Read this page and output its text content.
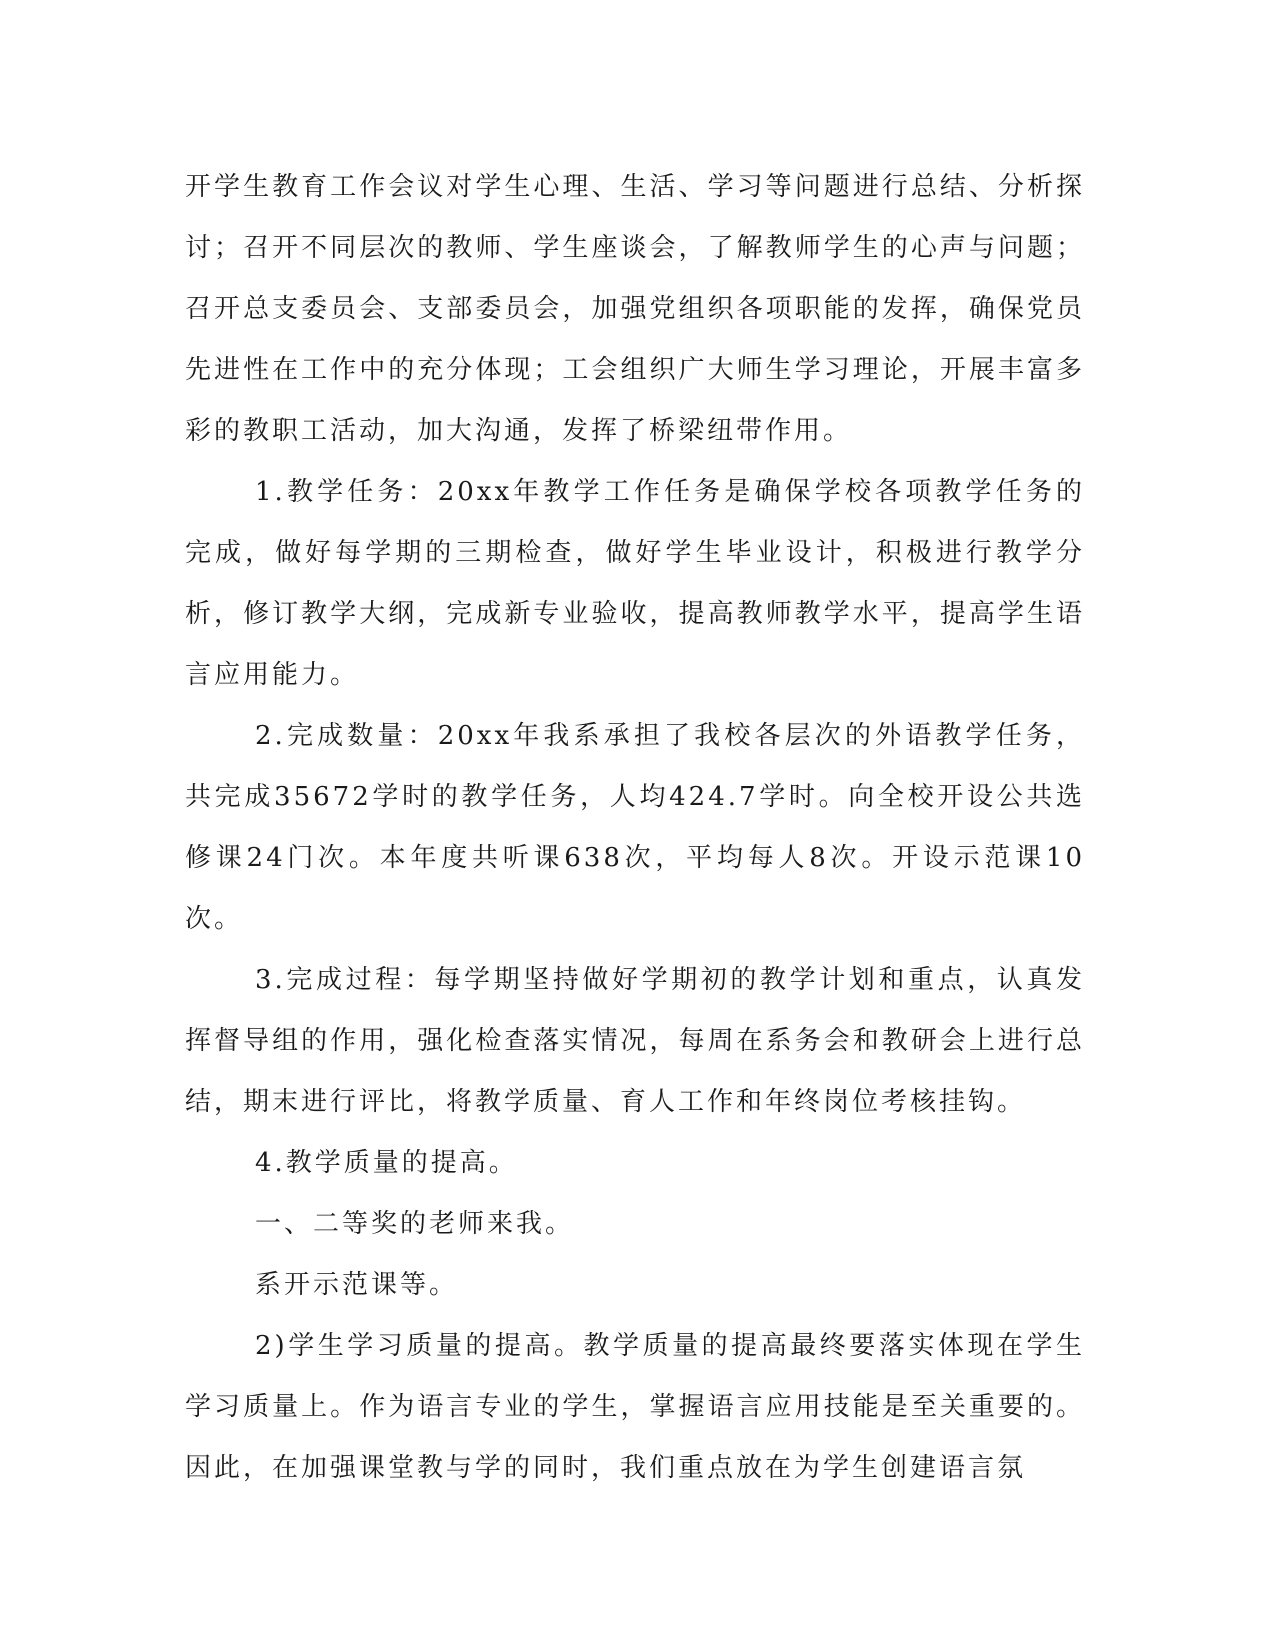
开学生教育工作会议对学生心理、生活、学习等问题进行总结、分析探讨；召开不同层次的教师、学生座谈会，了解教师学生的心声与问题；召开总支委员会、支部委员会，加强党组织各项职能的发挥，确保党员先进性在工作中的充分体现；工会组织广大师生学习理论，开展丰富多彩的教职工活动，加大沟通，发挥了桥梁纽带作用。

1.教学任务：20xx年教学工作任务是确保学校各项教学任务的完成，做好每学期的三期检查，做好学生毕业设计，积极进行教学分析，修订教学大纲，完成新专业验收，提高教师教学水平，提高学生语言应用能力。

2.完成数量：20xx年我系承担了我校各层次的外语教学任务，共完成35672学时的教学任务，人均424.7学时。向全校开设公共选修课24门次。本年度共听课638次，平均每人8次。开设示范课10次。

3.完成过程：每学期坚持做好学期初的教学计划和重点，认真发挥督导组的作用，强化检查落实情况，每周在系务会和教研会上进行总结，期末进行评比，将教学质量、育人工作和年终岗位考核挂钩。

4.教学质量的提高。

一、二等奖的老师来我。

系开示范课等。

2)学生学习质量的提高。教学质量的提高最终要落实体现在学生学习质量上。作为语言专业的学生，掌握语言应用技能是至关重要的。因此，在加强课堂教与学的同时，我们重点放在为学生创建语言氛
